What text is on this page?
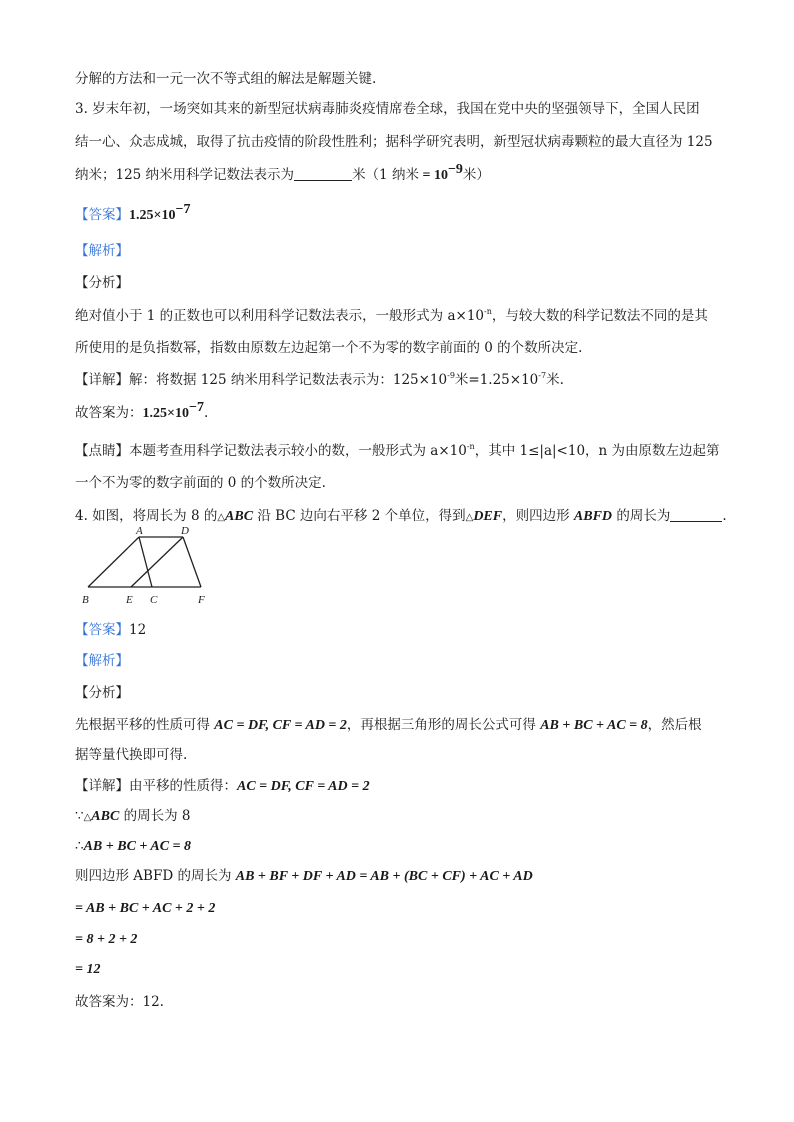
分解的方法和一元一次不等式组的解法是解题关键.
3. 岁末年初，一场突如其来的新型冠状病毒肺炎疫情席卷全球，我国在党中央的坚强领导下，全国人民团
结一心、众志成城，取得了抗击疫情的阶段性胜利；据科学研究表明，新型冠状病毒颗粒的最大直径为 125
纳米；125 纳米用科学记数法表示为	米（1 纳米 = $10^{-9}$米）
【答案】$1.25\times 10^{-7}$
【解析】
【分析】
绝对值小于 1 的正数也可以利用科学记数法表示，一般形式为 $a\times 10^{-n}$，与较大数的科学记数法不同的是其
所使用的是负指数幂，指数由原数左边起第一个不为零的数字前面的 0 的个数所决定.
【详解】解：将数据 125 纳米用科学记数法表示为：$125\times 10^{-9}$米$=1.25\times 10^{-7}$米.
故答案为：$1.25\times 10^{-7}$.
【点睛】本题考查用科学记数法表示较小的数，一般形式为 $a\times 10^{-n}$，其中 1≤|a|<10，n 为由原数左边起第
一个不为零的数字前面的 0 的个数所决定.
4. 如图，将周长为 8 的△ABC 沿 BC 边向右平移 2 个单位，得到△DEF，则四边形 ABFD 的周长为	.
A	D
B	E C	F
【答案】12
【解析】
【分析】
先根据平移的性质可得 AC = DF, CF = AD = 2，再根据三角形的周长公式可得 AB + BC + AC = 8，然后根
据等量代换即可得.
【详解】由平移的性质得：AC = DF, CF = AD = 2
∵△ABC 的周长为 8
∴AB + BC + AC = 8
则四边形 ABFD 的周长为 AB + BF + DF + AD = AB + (BC + CF) + AC + AD
= AB + BC + AC + 2 + 2
= 8 + 2 + 2
= 12
故答案为：12.
